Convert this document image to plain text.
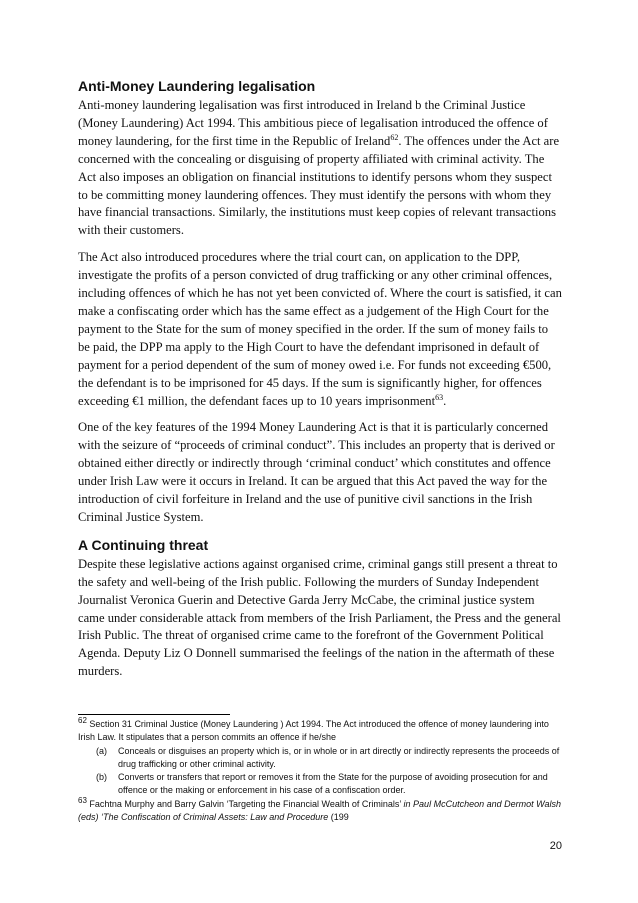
Anti-Money Laundering legalisation

Anti-money laundering legalisation was first introduced in Ireland b the Criminal Justice (Money Laundering) Act 1994. This ambitious piece of legalisation introduced the offence of money laundering, for the first time in the Republic of Ireland$^{62}$. The offences under the Act are concerned with the concealing or disguising of property affiliated with criminal activity. The Act also imposes an obligation on financial institutions to identify persons whom they suspect to be committing money laundering offences. They must identify the persons with whom they have financial transactions. Similarly, the institutions must keep copies of relevant transactions with their customers.

The Act also introduced procedures where the trial court can, on application to the DPP, investigate the profits of a person convicted of drug trafficking or any other criminal offences, including offences of which he has not yet been convicted of. Where the court is satisfied, it can make a confiscating order which has the same effect as a judgement of the High Court for the payment to the State for the sum of money specified in the order. If the sum of money fails to be paid, the DPP ma apply to the High Court to have the defendant imprisoned in default of payment for a period dependent of the sum of money owed i.e. For funds not exceeding €500, the defendant is to be imprisoned for 45 days. If the sum is significantly higher, for offences exceeding €1 million, the defendant faces up to 10 years imprisonment$^{63}$.

One of the key features of the 1994 Money Laundering Act is that it is particularly concerned with the seizure of “proceeds of criminal conduct”. This includes an property that is derived or obtained either directly or indirectly through ‘criminal conduct’ which constitutes and offence under Irish Law were it occurs in Ireland. It can be argued that this Act paved the way for the introduction of civil forfeiture in Ireland and the use of punitive civil sanctions in the Irish Criminal Justice System.

A Continuing threat

Despite these legislative actions against organised crime, criminal gangs still present a threat to the safety and well-being of the Irish public. Following the murders of Sunday Independent Journalist Veronica Guerin and Detective Garda Jerry McCabe, the criminal justice system came under considerable attack from members of the Irish Parliament, the Press and the general Irish Public. The threat of organised crime came to the forefront of the Government Political Agenda. Deputy Liz O Donnell summarised the feelings of the nation in the aftermath of these murders.

$^{62}$ Section 31 Criminal Justice (Money Laundering ) Act 1994. The Act introduced the offence of money laundering into Irish Law. It stipulates that a person commits an offence if he/she

(a) Conceals or disguises an property which is, or in whole or in art directly or indirectly represents the proceeds of drug trafficking or other criminal activity.
(b) Converts or transfers that report or removes it from the State for the purpose of avoiding prosecution for and offence or the making or enforcement in his case of a confiscation order.

$^{63}$ Fachtna Murphy and Barry Galvin ‘Targeting the Financial Wealth of Criminals’ in Paul McCutcheon and Dermot Walsh (eds) ‘The Confiscation of Criminal Assets: Law and Procedure (199

20
